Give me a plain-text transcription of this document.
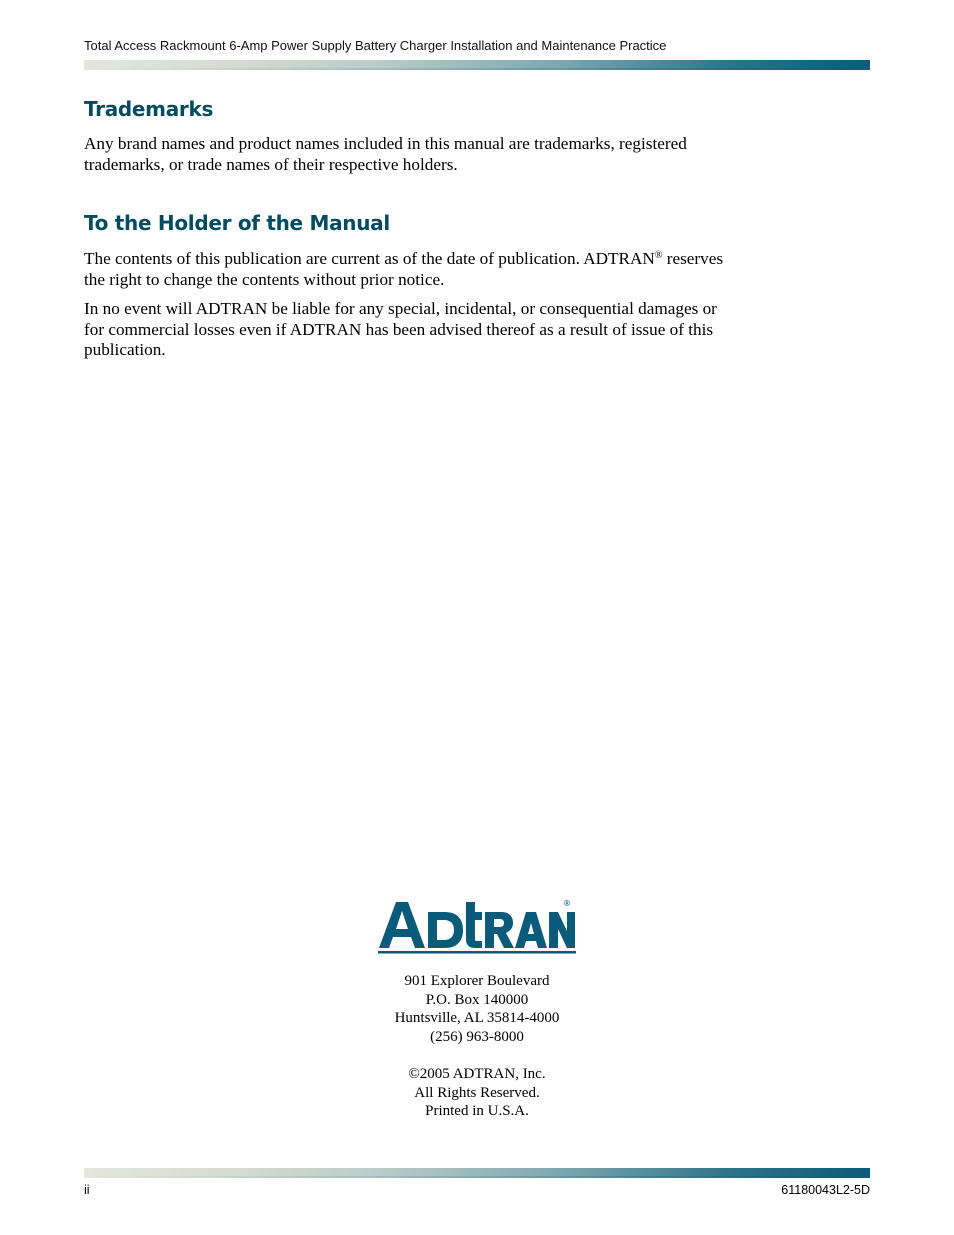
Total Access Rackmount 6-Amp Power Supply Battery Charger Installation and Maintenance Practice
Trademarks

Any brand names and product names included in this manual are trademarks, registered
trademarks, or trade names of their respective holders.

To the Holder of the Manual

The contents of this publication are current as of the date of publication. ADTRAN® reserves
the right to change the contents without prior notice.

In no event will ADTRAN be liable for any special, incidental, or consequential damages or
for commercial losses even if ADTRAN has been advised thereof as a result of issue of this
publication.

®
901 Explorer Boulevard
P.O. Box 140000
Huntsville, AL 35814-4000
(256) 963-8000
©2005 ADTRAN, Inc.
All Rights Reserved.
Printed in U.S.A.
ii	61180043L2-5D
